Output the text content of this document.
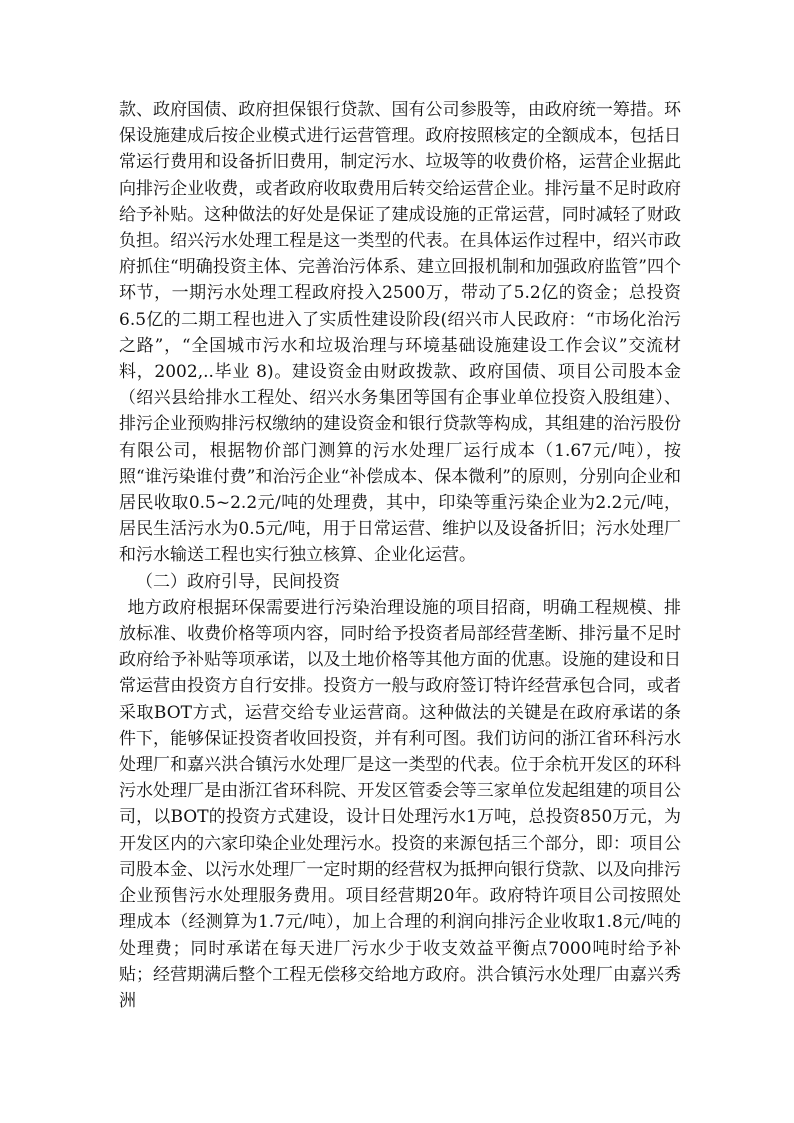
款、政府国债、政府担保银行贷款、国有公司参股等，由政府统一筹措。环保设施建成后按企业模式进行运营管理。政府按照核定的全额成本，包括日常运行费用和设备折旧费用，制定污水、垃圾等的收费价格，运营企业据此向排污企业收费，或者政府收取费用后转交给运营企业。排污量不足时政府给予补贴。这种做法的好处是保证了建成设施的正常运营，同时减轻了财政负担。绍兴污水处理工程是这一类型的代表。在具体运作过程中，绍兴市政府抓住“明确投资主体、完善治污体系、建立回报机制和加强政府监管”四个环节，一期污水处理工程政府投入2500万，带动了5.2亿的资金；总投资6.5亿的二期工程也进入了实质性建设阶段(绍兴市人民政府：“市场化治污之路”，“全国城市污水和垃圾治理与环境基础设施建设工作会议”交流材料，2002,..毕业 8)。建设资金由财政拨款、政府国债、项目公司股本金（绍兴县给排水工程处、绍兴水务集团等国有企事业单位投资入股组建）、排污企业预购排污权缴纳的建设资金和银行贷款等构成，其组建的治污股份有限公司，根据物价部门测算的污水处理厂运行成本（1.67元/吨），按照“谁污染谁付费”和治污企业“补偿成本、保本微利”的原则，分别向企业和居民收取0.5~2.2元/吨的处理费，其中，印染等重污染企业为2.2元/吨，居民生活污水为0.5元/吨，用于日常运营、维护以及设备折旧；污水处理厂和污水输送工程也实行独立核算、企业化运营。

（二）政府引导，民间投资

地方政府根据环保需要进行污染治理设施的项目招商，明确工程规模、排放标准、收费价格等项内容，同时给予投资者局部经营垄断、排污量不足时政府给予补贴等项承诺，以及土地价格等其他方面的优惠。设施的建设和日常运营由投资方自行安排。投资方一般与政府签订特许经营承包合同，或者采取BOT方式，运营交给专业运营商。这种做法的关键是在政府承诺的条件下，能够保证投资者收回投资，并有利可图。我们访问的浙江省环科污水处理厂和嘉兴洪合镇污水处理厂是这一类型的代表。位于余杭开发区的环科污水处理厂是由浙江省环科院、开发区管委会等三家单位发起组建的项目公司，以BOT的投资方式建设，设计日处理污水1万吨，总投资850万元，为开发区内的六家印染企业处理污水。投资的来源包括三个部分，即：项目公司股本金、以污水处理厂一定时期的经营权为抵押向银行贷款、以及向排污企业预售污水处理服务费用。项目经营期20年。政府特许项目公司按照处理成本（经测算为1.7元/吨），加上合理的利润向排污企业收取1.8元/吨的处理费；同时承诺在每天进厂污水少于收支效益平衡点7000吨时给予补贴；经营期满后整个工程无偿移交给地方政府。洪合镇污水处理厂由嘉兴秀洲
